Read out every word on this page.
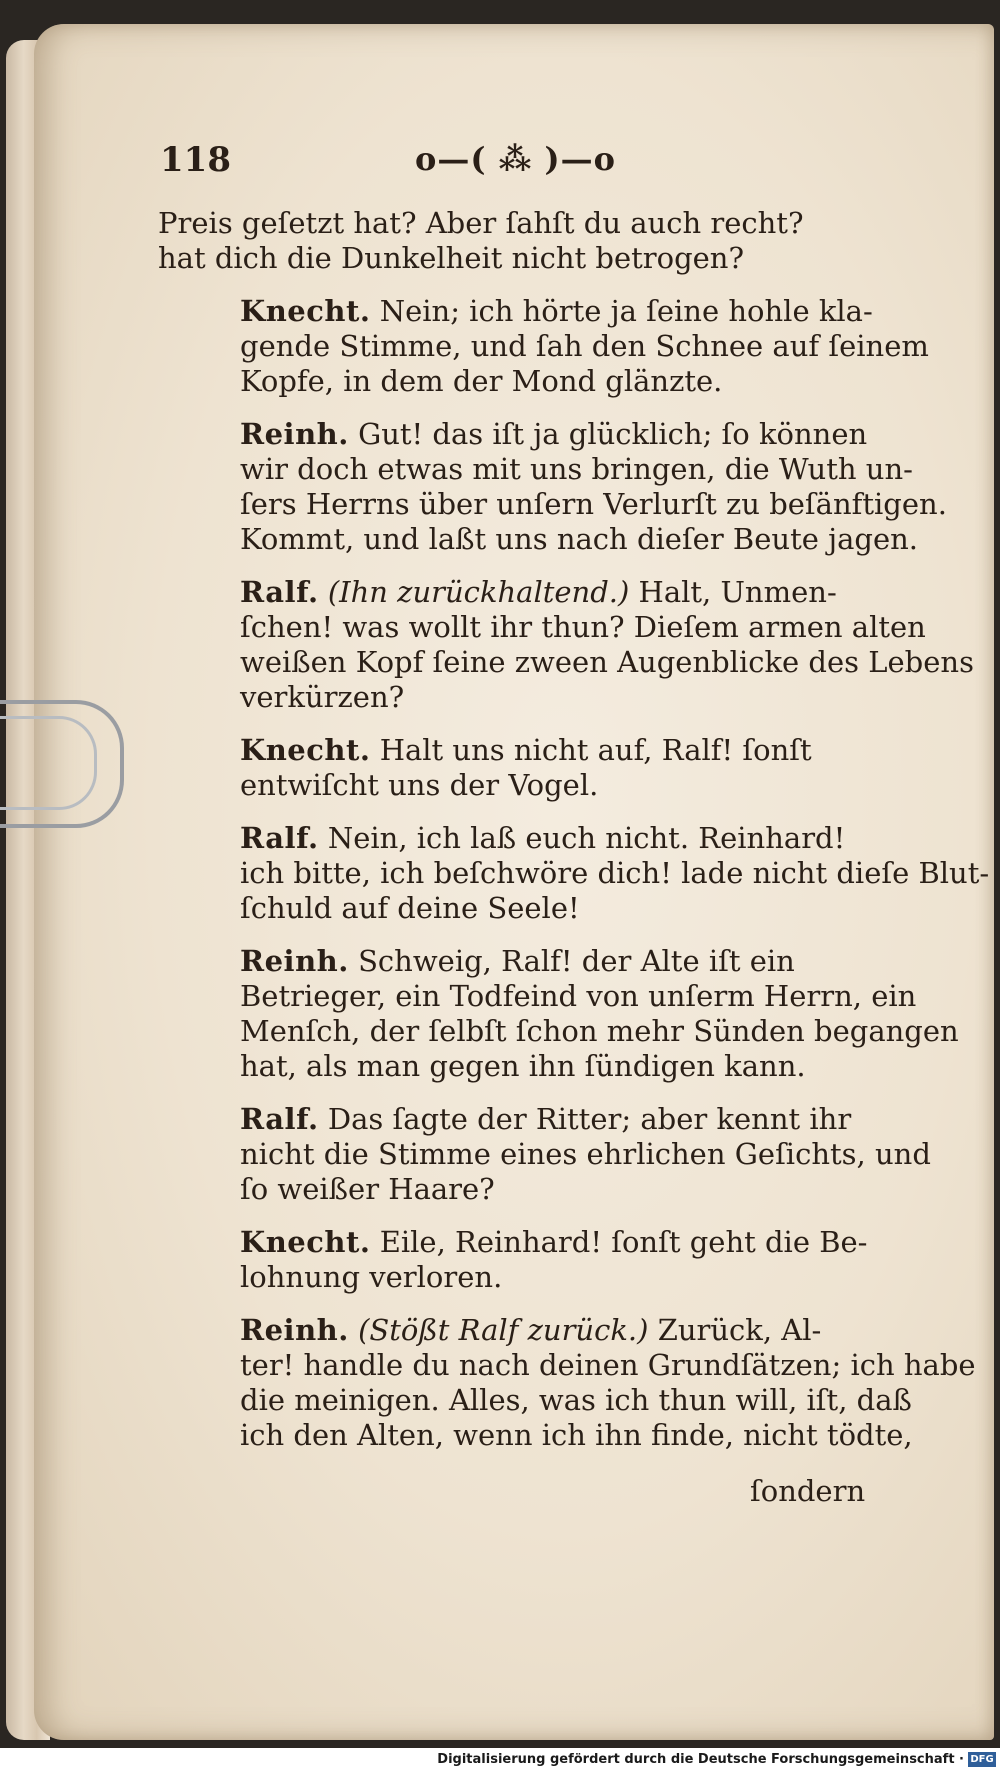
118	o—( ⁂ )—o
Preis geſetzt hat? Aber ſahſt du auch recht?
hat dich die Dunkelheit nicht betrogen?
Knecht. Nein; ich hörte ja ſeine hohle kla-
gende Stimme, und ſah den Schnee auf ſeinem
Kopfe, in dem der Mond glänzte.
Reinh. Gut! das iſt ja glücklich; ſo können
wir doch etwas mit uns bringen, die Wuth un-
ſers Herrns über unſern Verlurſt zu beſänftigen.
Kommt, und laßt uns nach dieſer Beute jagen.
Ralf. (Ihn zurückhaltend.) Halt, Unmen-
ſchen! was wollt ihr thun? Dieſem armen alten
weißen Kopf ſeine zween Augenblicke des Lebens
verkürzen?
Knecht. Halt uns nicht auf, Ralf! ſonſt
entwiſcht uns der Vogel.
Ralf. Nein, ich laß euch nicht. Reinhard!
ich bitte, ich beſchwöre dich! lade nicht dieſe Blut-
ſchuld auf deine Seele!
Reinh. Schweig, Ralf! der Alte iſt ein
Betrieger, ein Todfeind von unſerm Herrn, ein
Menſch, der ſelbſt ſchon mehr Sünden begangen
hat, als man gegen ihn ſündigen kann.
Ralf. Das ſagte der Ritter; aber kennt ihr
nicht die Stimme eines ehrlichen Geſichts, und
ſo weißer Haare?
Knecht. Eile, Reinhard! ſonſt geht die Be-
lohnung verloren.
Reinh. (Stößt Ralf zurück.) Zurück, Al-
ter! handle du nach deinen Grundſätzen; ich habe
die meinigen. Alles, was ich thun will, iſt, daß
ich den Alten, wenn ich ihn finde, nicht tödte,
ſondern
Digitalisierung gefördert durch die Deutsche Forschungsgemeinschaft · DFG
